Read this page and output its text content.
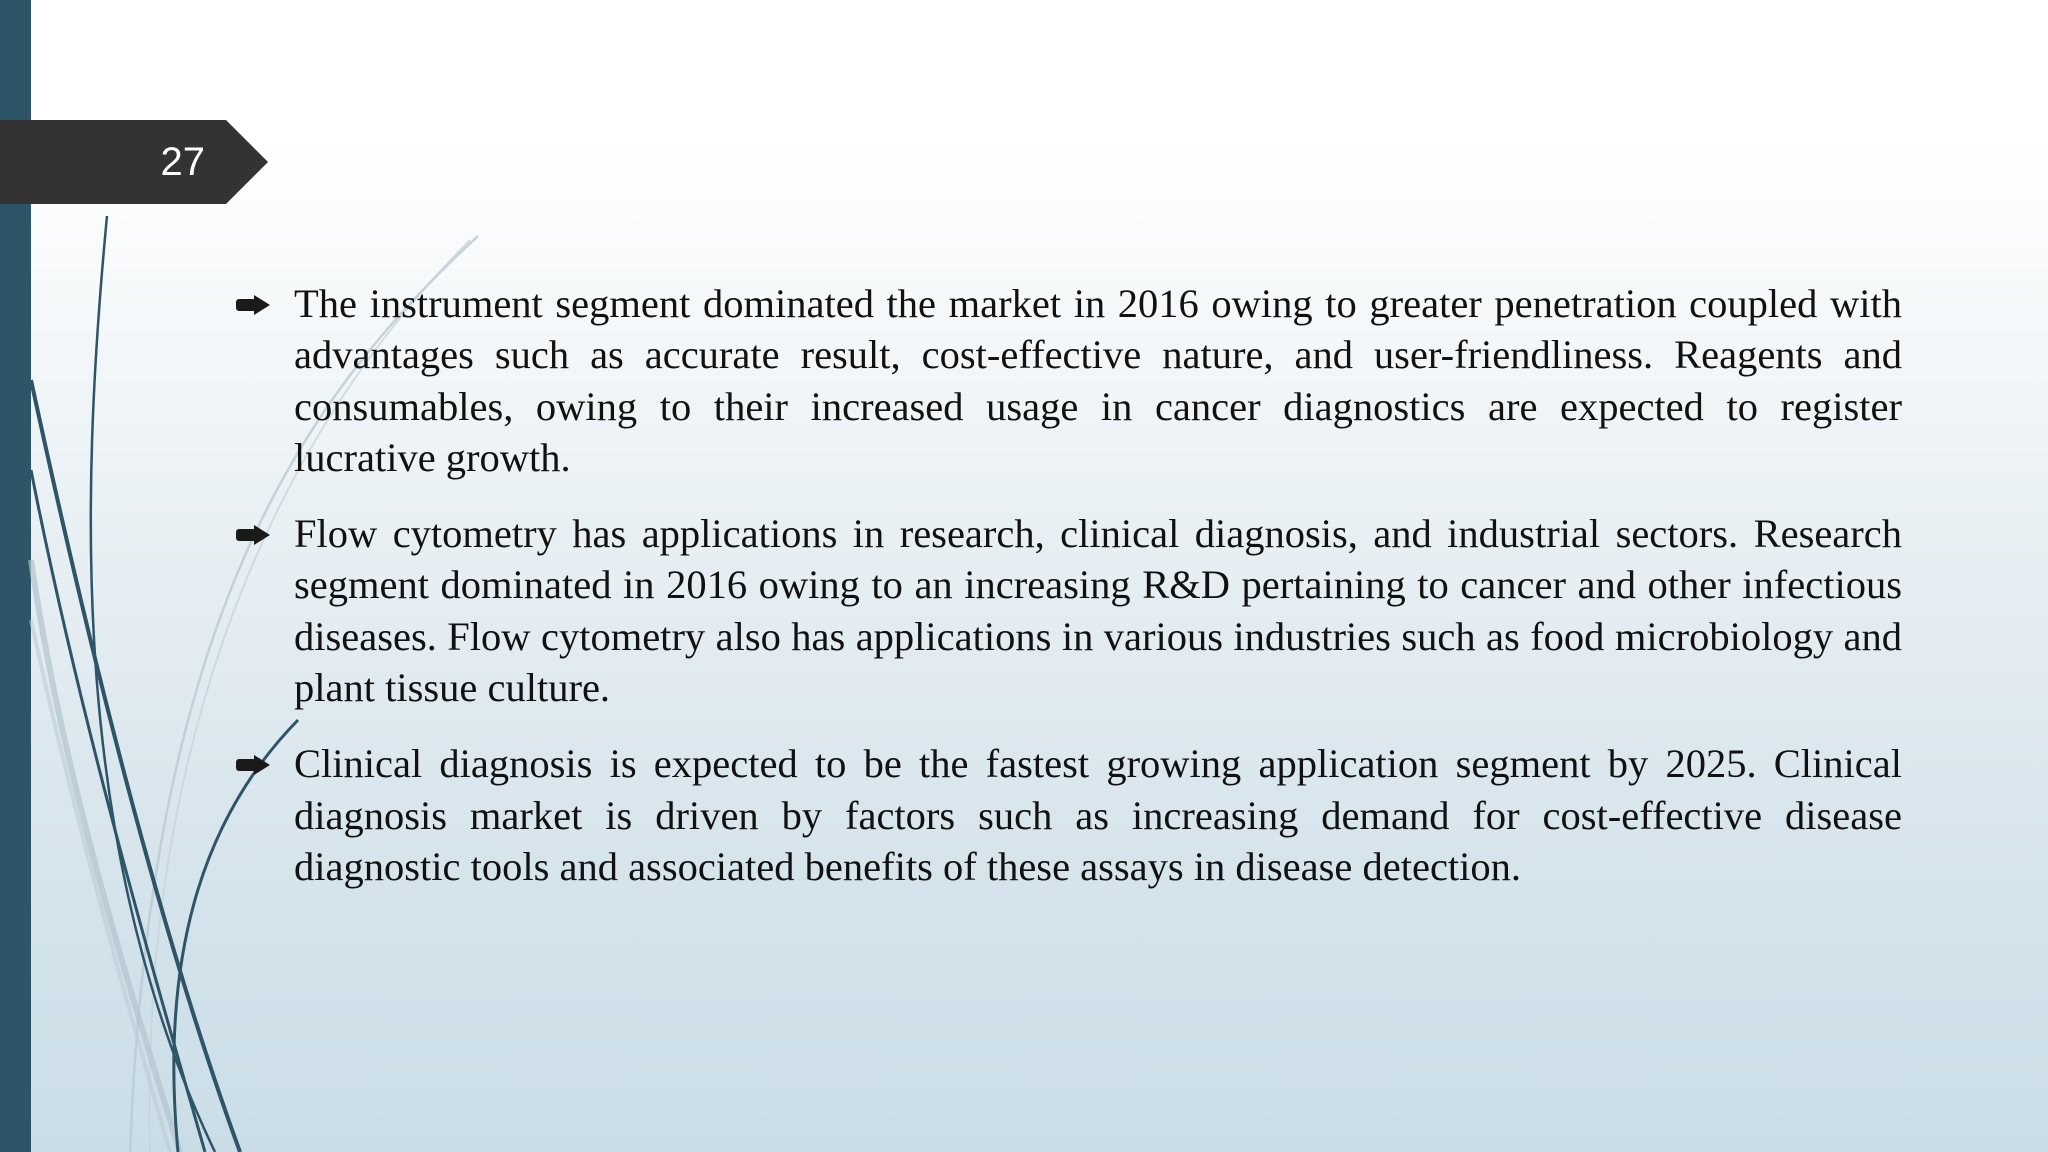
27
The instrument segment dominated the market in 2016 owing to greater penetration coupled with advantages such as accurate result, cost-effective nature, and user-friendliness. Reagents and consumables, owing to their increased usage in cancer diagnostics are expected to register lucrative growth.
Flow cytometry has applications in research, clinical diagnosis, and industrial sectors. Research segment dominated in 2016 owing to an increasing R&D pertaining to cancer and other infectious diseases. Flow cytometry also has applications in various industries such as food microbiology and plant tissue culture.
Clinical diagnosis is expected to be the fastest growing application segment by 2025. Clinical diagnosis market is driven by factors such as increasing demand for cost-effective disease diagnostic tools and associated benefits of these assays in disease detection.
